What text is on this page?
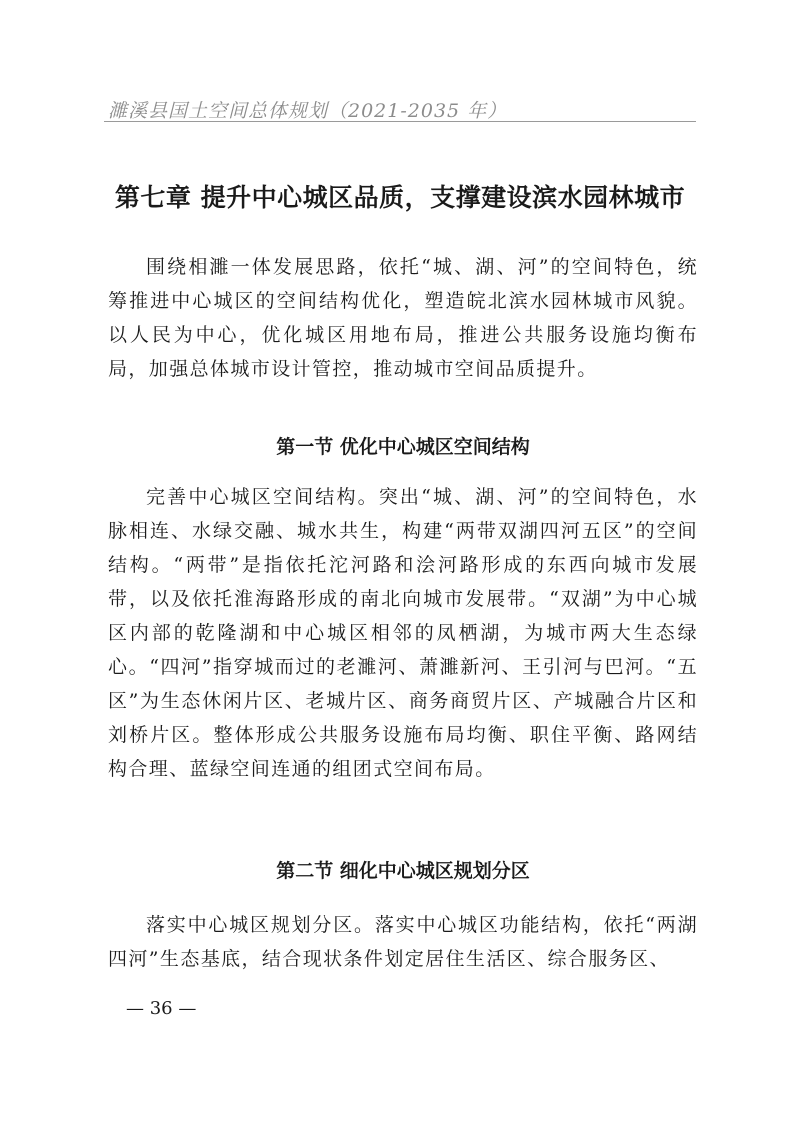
濉溪县国土空间总体规划（2021-2035 年）
第七章 提升中心城区品质，支撑建设滨水园林城市
围绕相濉一体发展思路，依托“城、湖、河”的空间特色，统筹推进中心城区的空间结构优化，塑造皖北滨水园林城市风貌。以人民为中心，优化城区用地布局，推进公共服务设施均衡布局，加强总体城市设计管控，推动城市空间品质提升。
第一节 优化中心城区空间结构
完善中心城区空间结构。突出“城、湖、河”的空间特色，水脉相连、水绿交融、城水共生，构建“两带双湖四河五区”的空间结构。“两带”是指依托沱河路和浍河路形成的东西向城市发展带，以及依托淮海路形成的南北向城市发展带。“双湖”为中心城区内部的乾隆湖和中心城区相邻的凤栖湖，为城市两大生态绿心。“四河”指穿城而过的老濉河、萧濉新河、王引河与巴河。“五区”为生态休闲片区、老城片区、商务商贸片区、产城融合片区和刘桥片区。整体形成公共服务设施布局均衡、职住平衡、路网结构合理、蓝绿空间连通的组团式空间布局。
第二节 细化中心城区规划分区
落实中心城区规划分区。落实中心城区功能结构，依托“两湖四河”生态基底，结合现状条件划定居住生活区、综合服务区、
— 36 —
